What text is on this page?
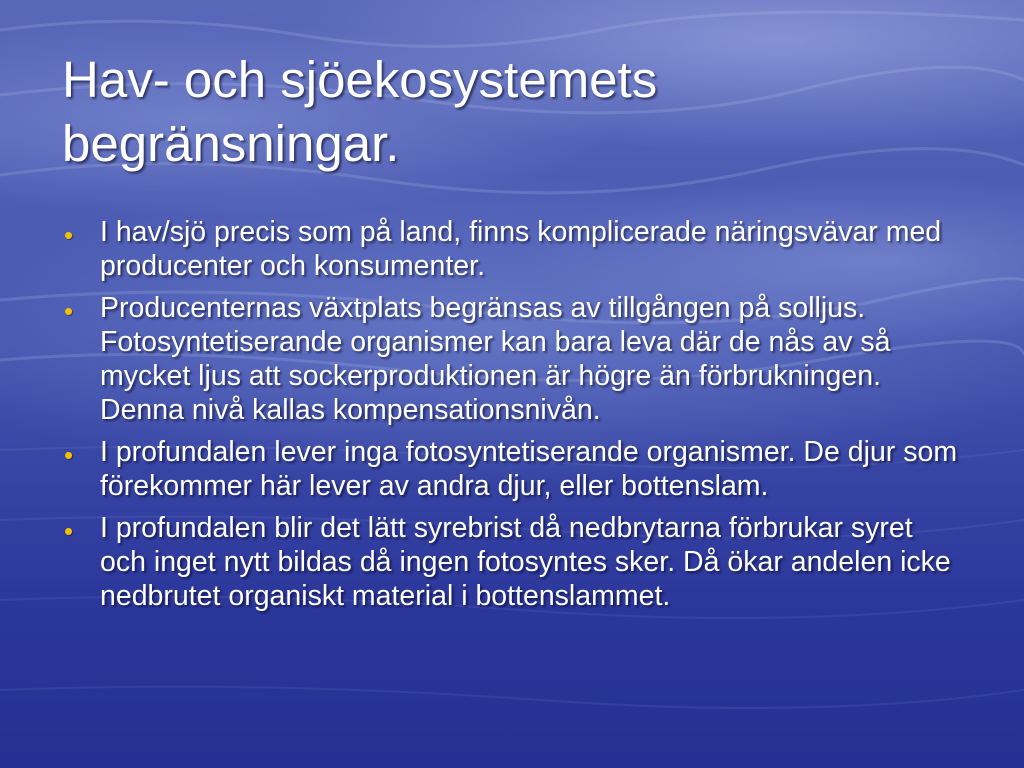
Hav- och sjöekosystemets
begränsningar.
• I hav/sjö precis som på land, finns komplicerade näringsvävar med producenter och konsumenter.
• Producenternas växtplats begränsas av tillgången på solljus. Fotosyntetiserande organismer kan bara leva där de nås av så mycket ljus att sockerproduktionen är högre än förbrukningen. Denna nivå kallas kompensationsnivån.
• I profundalen lever inga fotosyntetiserande organismer. De djur som förekommer här lever av andra djur, eller bottenslam.
• I profundalen blir det lätt syrebrist då nedbrytarna förbrukar syret och inget nytt bildas då ingen fotosyntes sker. Då ökar andelen icke nedbrutet organiskt material i bottenslammet.
